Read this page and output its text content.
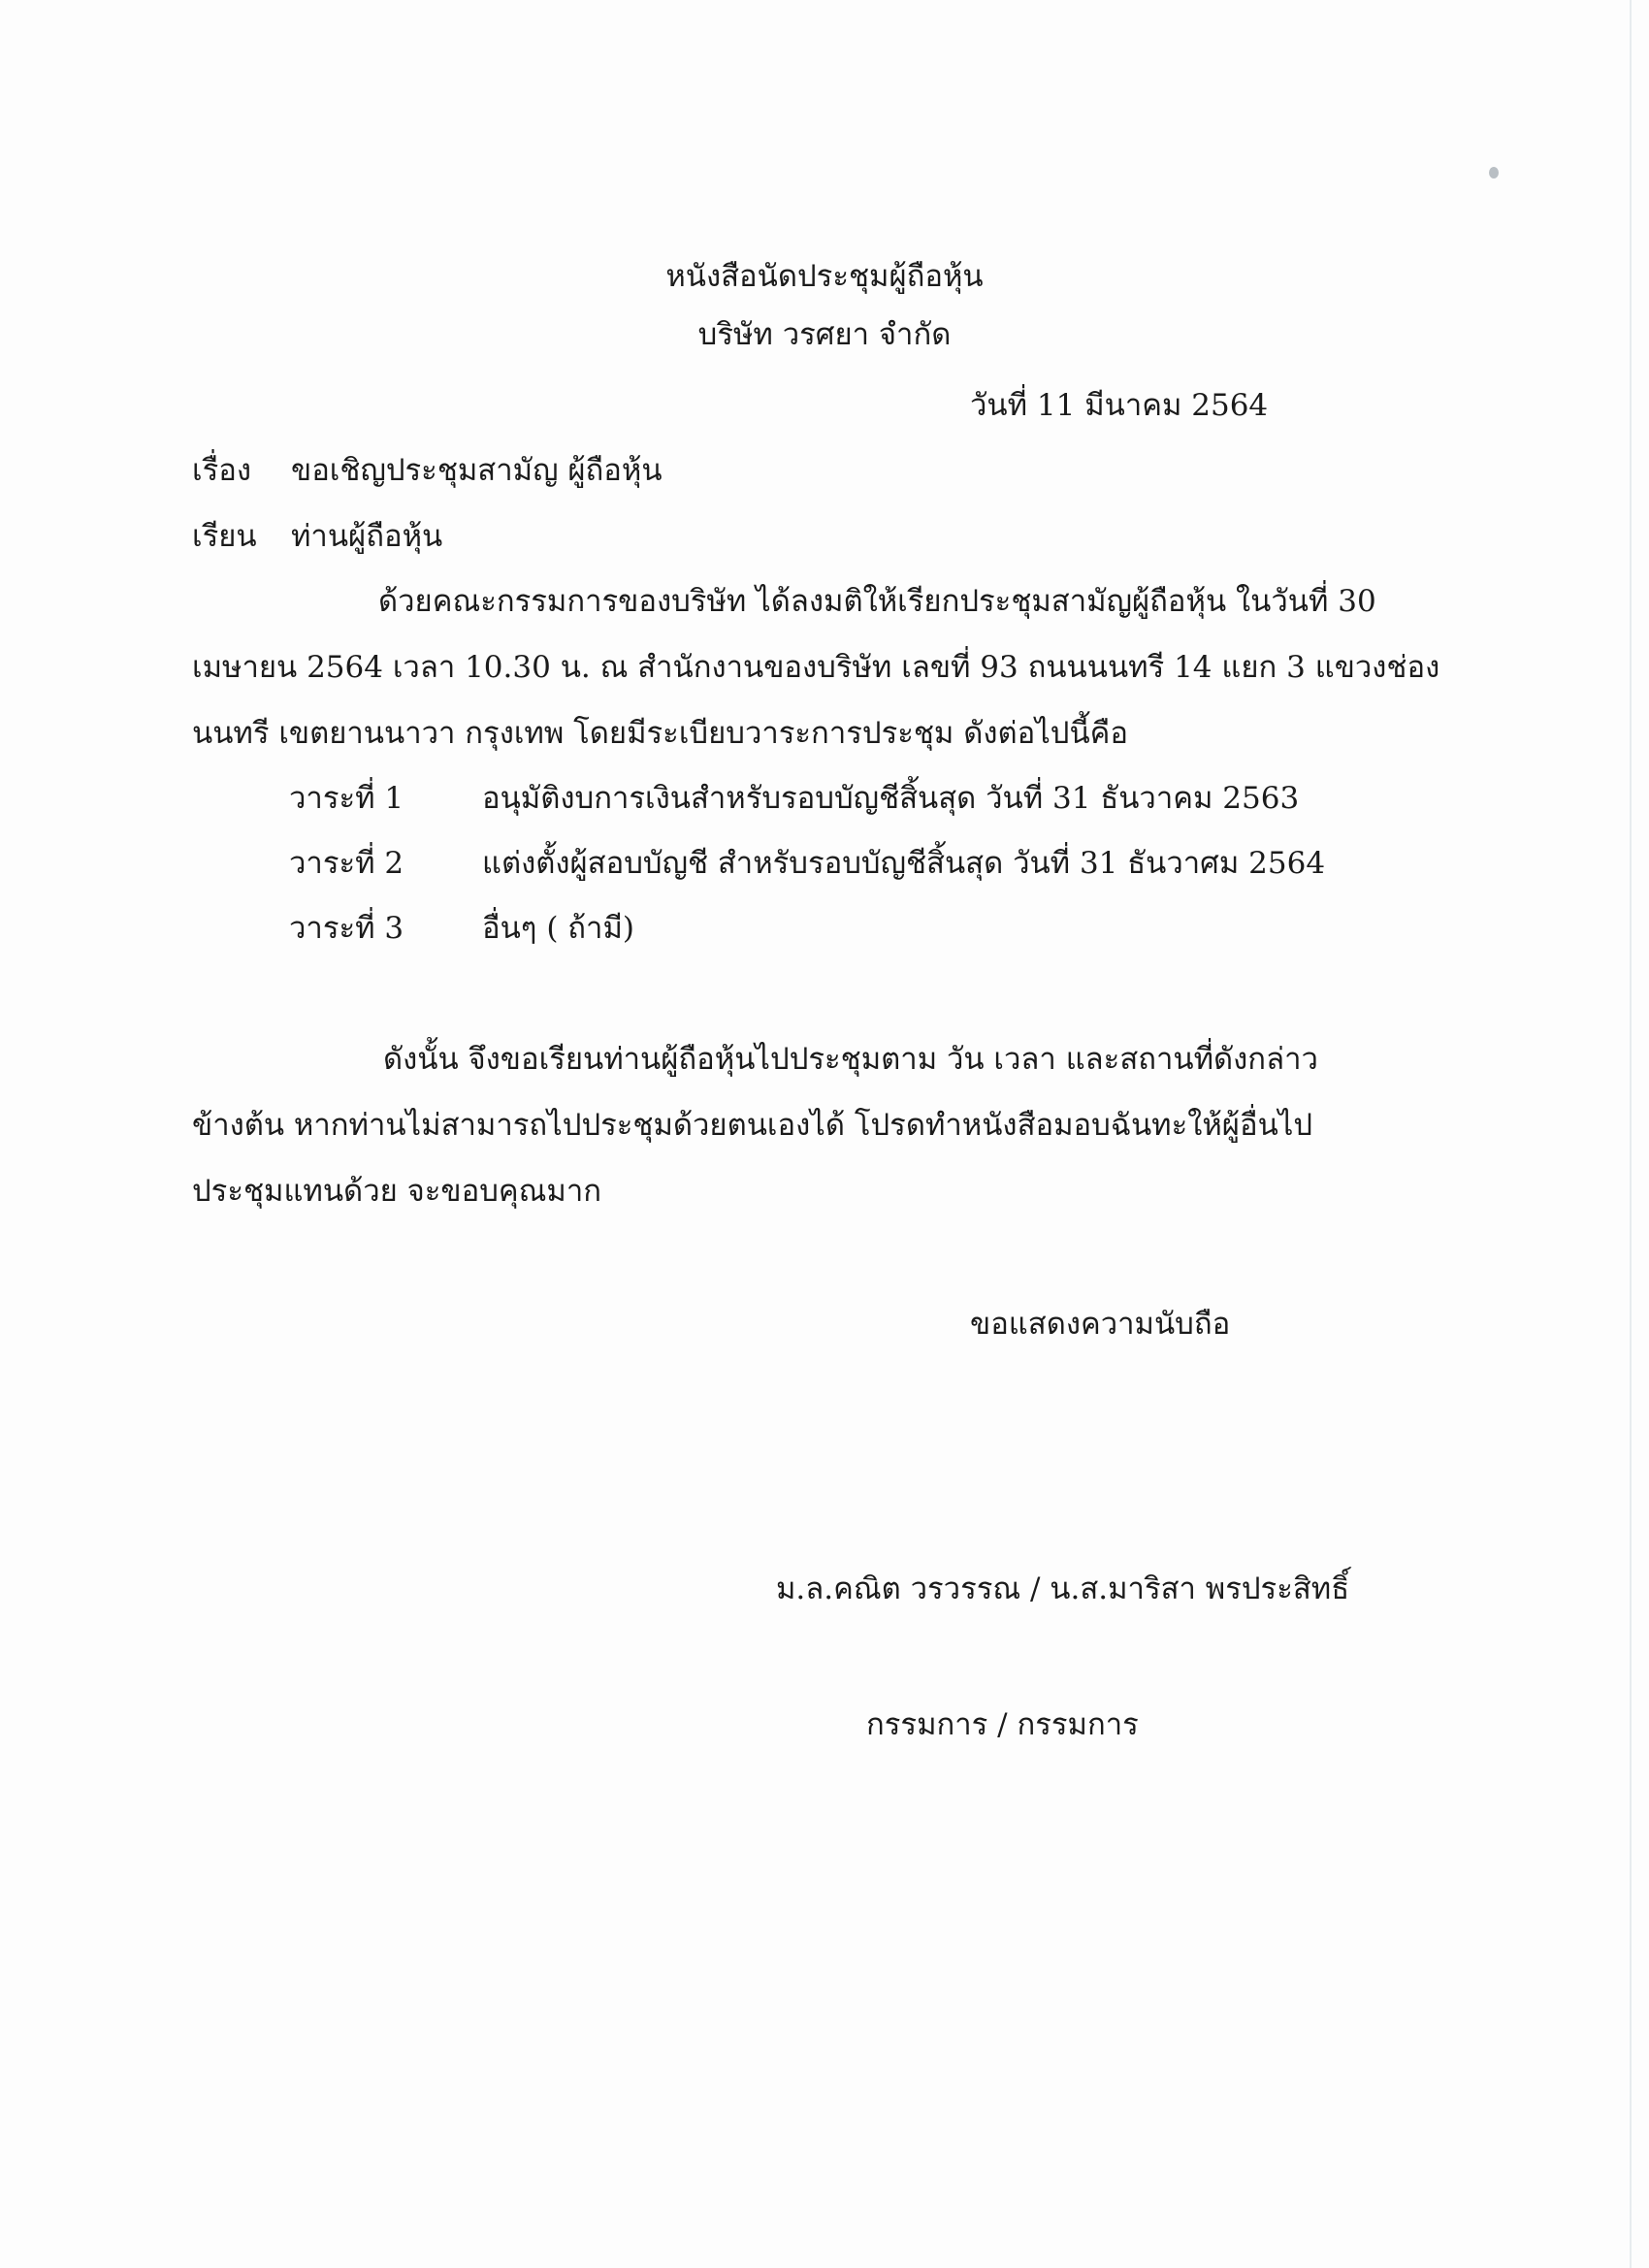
หนังสือนัดประชุมผู้ถือหุ้น
บริษัท วรศยา จำกัด
วันที่ 11 มีนาคม 2564
เรื่อง ขอเชิญประชุมสามัญ ผู้ถือหุ้น
เรียน ท่านผู้ถือหุ้น
ด้วยคณะกรรมการของบริษัท ได้ลงมติให้เรียกประชุมสามัญผู้ถือหุ้น ในวันที่ 30
เมษายน 2564 เวลา 10.30 น. ณ สำนักงานของบริษัท เลขที่ 93 ถนนนนทรี 14 แยก 3 แขวงช่อง
นนทรี เขตยานนาวา กรุงเทพ โดยมีระเบียบวาระการประชุม ดังต่อไปนี้คือ
วาระที่ 1	อนุมัติงบการเงินสำหรับรอบบัญชีสิ้นสุด วันที่ 31 ธันวาคม 2563
วาระที่ 2	แต่งตั้งผู้สอบบัญชี สำหรับรอบบัญชีสิ้นสุด วันที่ 31 ธันวาศม 2564
วาระที่ 3	อื่นๆ ( ถ้ามี)
ดังนั้น จึงขอเรียนท่านผู้ถือหุ้นไปประชุมตาม วัน เวลา และสถานที่ดังกล่าว
ข้างต้น หากท่านไม่สามารถไปประชุมด้วยตนเองได้ โปรดทำหนังสือมอบฉันทะให้ผู้อื่นไป
ประชุมแทนด้วย จะขอบคุณมาก
ขอแสดงความนับถือ
ม.ล.คณิต วรวรรณ / น.ส.มาริสา พรประสิทธิ์
กรรมการ / กรรมการ
